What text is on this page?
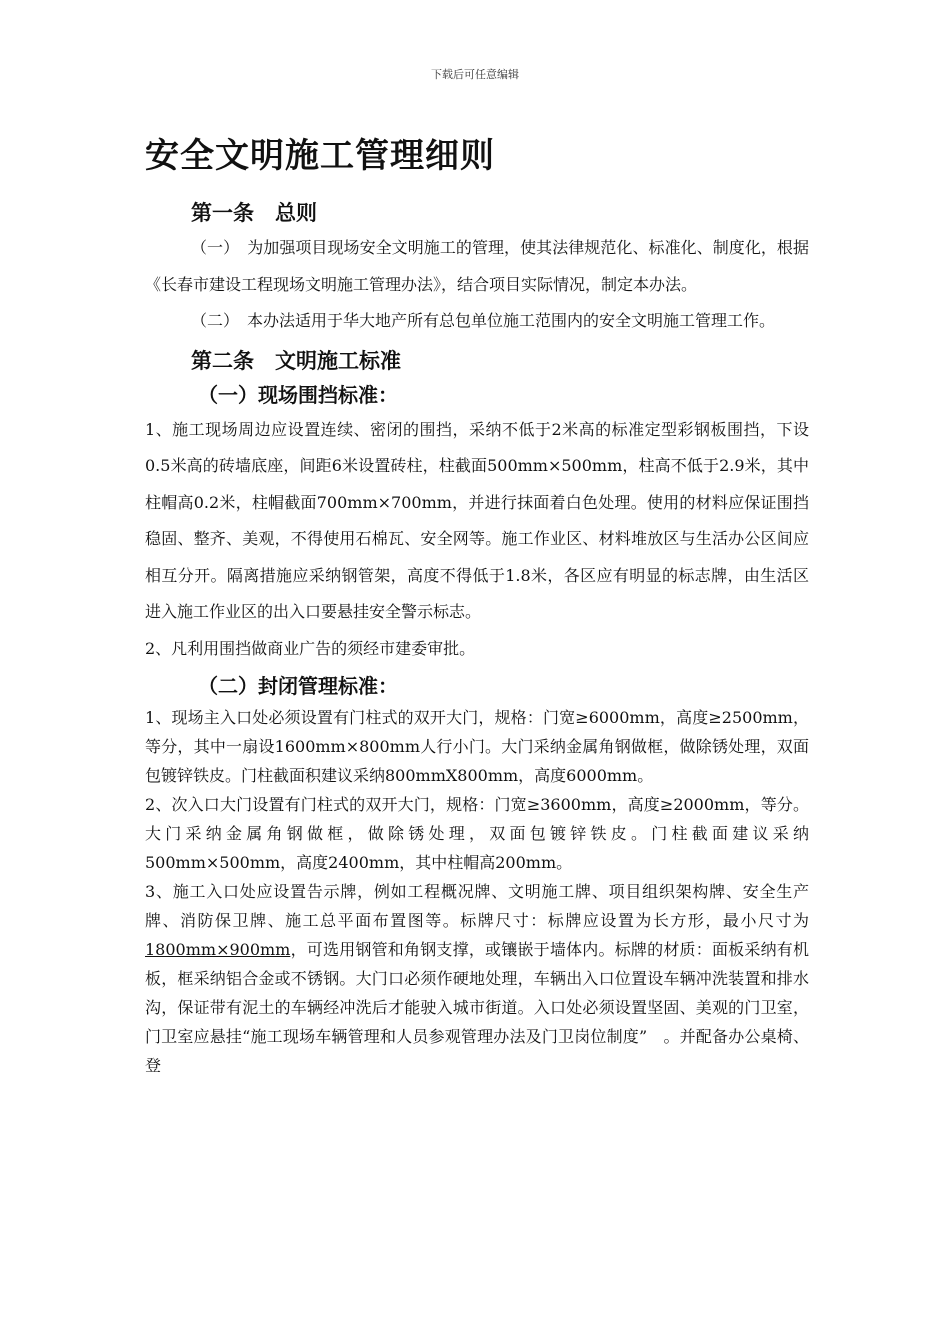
下载后可任意编辑
安全文明施工管理细则
第一条　总则

（一）　为加强项目现场安全文明施工的管理，使其法律规范化、标准化、制度化，根据《长春市建设工程现场文明施工管理办法》，结合项目实际情况，制定本办法。

（二）　本办法适用于华大地产所有总包单位施工范围内的安全文明施工管理工作。

第二条　文明施工标准
（一）现场围挡标准：

1、施工现场周边应设置连续、密闭的围挡，采纳不低于2米高的标准定型彩钢板围挡，下设0.5米高的砖墙底座，间距6米设置砖柱，柱截面500mm×500mm，柱高不低于2.9米，其中柱帽高0.2米，柱帽截面700mm×700mm，并进行抹面着白色处理。使用的材料应保证围挡稳固、整齐、美观，不得使用石棉瓦、安全网等。施工作业区、材料堆放区与生活办公区间应相互分开。隔离措施应采纳钢管架，高度不得低于1.8米，各区应有明显的标志牌，由生活区进入施工作业区的出入口要悬挂安全警示标志。

2、凡利用围挡做商业广告的须经市建委审批。

（二）封闭管理标准：

1、现场主入口处必须设置有门柱式的双开大门，规格：门宽≥6000mm，高度≥2500mm，等分，其中一扇设1600mm×800mm人行小门。大门采纳金属角钢做框，做除锈处理，双面包镀锌铁皮。门柱截面积建议采纳800mmX800mm，高度6000mm。

2、次入口大门设置有门柱式的双开大门，规格：门宽≥3600mm，高度≥2000mm，等分。大门采纳金属角钢做框，做除锈处理，双面包镀锌铁皮。门柱截面建议采纳500mm×500mm，高度2400mm，其中柱帽高200mm。

3、施工入口处应设置告示牌，例如工程概况牌、文明施工牌、项目组织架构牌、安全生产牌、消防保卫牌、施工总平面布置图等。标牌尺寸：标牌应设置为长方形，最小尺寸为1800mm×900mm，可选用钢管和角钢支撑，或镶嵌于墙体内。标牌的材质：面板采纳有机板，框采纳铝合金或不锈钢。大门口必须作硬地处理，车辆出入口位置设车辆冲洗装置和排水沟，保证带有泥土的车辆经冲洗后才能驶入城市街道。入口处必须设置坚固、美观的门卫室，门卫室应悬挂“施工现场车辆管理和人员参观管理办法及门卫岗位制度”　。并配备办公桌椅、登
